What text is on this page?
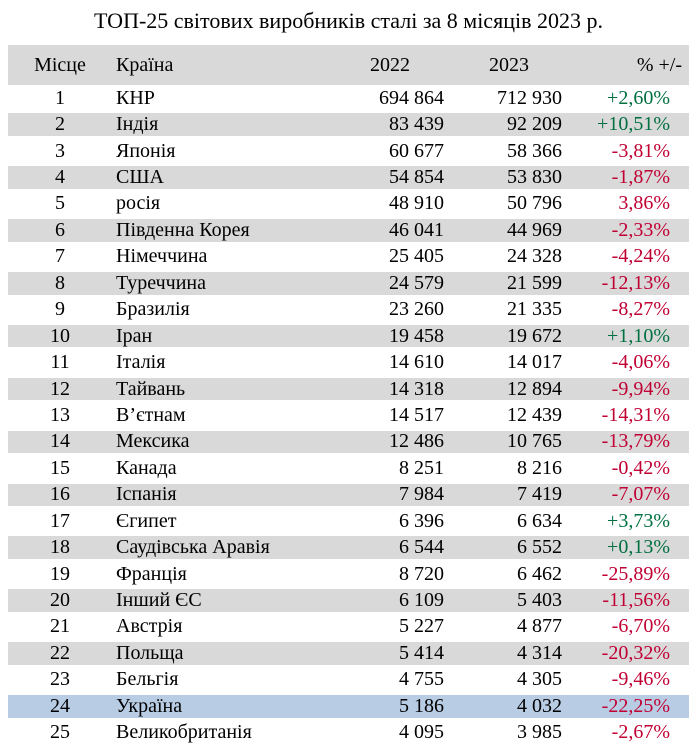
ТОП-25 світових виробників сталі за 8 місяців 2023 р.
Місце	Країна	2022	2023	% +/-
1	КНР	694 864	712 930	+2,60%
2	Індія	83 439	92 209	+10,51%
3	Японія	60 677	58 366	-3,81%
4	США	54 854	53 830	-1,87%
5	росія	48 910	50 796	3,86%
6	Південна Корея	46 041	44 969	-2,33%
7	Німеччина	25 405	24 328	-4,24%
8	Туреччина	24 579	21 599	-12,13%
9	Бразилія	23 260	21 335	-8,27%
10	Іран	19 458	19 672	+1,10%
11	Італія	14 610	14 017	-4,06%
12	Тайвань	14 318	12 894	-9,94%
13	В’єтнам	14 517	12 439	-14,31%
14	Мексика	12 486	10 765	-13,79%
15	Канада	8 251	8 216	-0,42%
16	Іспанія	7 984	7 419	-7,07%
17	Єгипет	6 396	6 634	+3,73%
18	Саудівська Аравія	6 544	6 552	+0,13%
19	Франція	8 720	6 462	-25,89%
20	Інший ЄС	6 109	5 403	-11,56%
21	Австрія	5 227	4 877	-6,70%
22	Польща	5 414	4 314	-20,32%
23	Бельгія	4 755	4 305	-9,46%
24	Україна	5 186	4 032	-22,25%
25	Великобританія	4 095	3 985	-2,67%
